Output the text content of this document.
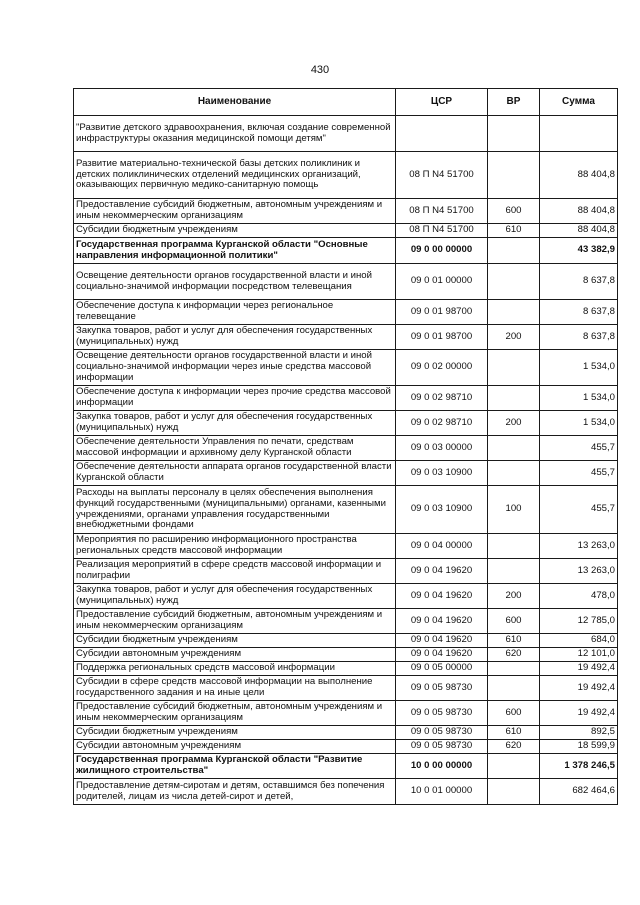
430
Наименование	ЦСР	ВР	Сумма
"Развитие детского здравоохранения, включая создание современной инфраструктуры оказания медицинской помощи детям"			
Развитие материально-технической базы детских поликлиник и детских поликлинических отделений медицинских организаций, оказывающих первичную медико-санитарную помощь	08 П N4 51700		88 404,8
Предоставление субсидий бюджетным, автономным учреждениям и иным некоммерческим организациям	08 П N4 51700	600	88 404,8
Субсидии бюджетным учреждениям	08 П N4 51700	610	88 404,8
Государственная программа Курганской области "Основные направления информационной политики"	09 0 00 00000		43 382,9
Освещение деятельности органов государственной власти и иной социально-значимой информации посредством телевещания	09 0 01 00000		8 637,8
Обеспечение доступа к информации через региональное телевещание	09 0 01 98700		8 637,8
Закупка товаров, работ и услуг для обеспечения государственных (муниципальных) нужд	09 0 01 98700	200	8 637,8
Освещение деятельности органов государственной власти и иной социально-значимой информации через иные средства массовой информации	09 0 02 00000		1 534,0
Обеспечение доступа к информации через прочие средства массовой информации	09 0 02 98710		1 534,0
Закупка товаров, работ и услуг для обеспечения государственных (муниципальных) нужд	09 0 02 98710	200	1 534,0
Обеспечение деятельности Управления по печати, средствам массовой информации и архивному делу Курганской области	09 0 03 00000		455,7
Обеспечение деятельности аппарата органов государственной власти Курганской области	09 0 03 10900		455,7
Расходы на выплаты персоналу в целях обеспечения выполнения функций государственными (муниципальными) органами, казенными учреждениями, органами управления государственными внебюджетными фондами	09 0 03 10900	100	455,7
Мероприятия по расширению информационного пространства региональных средств массовой информации	09 0 04 00000		13 263,0
Реализация мероприятий в сфере средств массовой информации и полиграфии	09 0 04 19620		13 263,0
Закупка товаров, работ и услуг для обеспечения государственных (муниципальных) нужд	09 0 04 19620	200	478,0
Предоставление субсидий бюджетным, автономным учреждениям и иным некоммерческим организациям	09 0 04 19620	600	12 785,0
Субсидии бюджетным учреждениям	09 0 04 19620	610	684,0
Субсидии автономным учреждениям	09 0 04 19620	620	12 101,0
Поддержка региональных средств массовой информации	09 0 05 00000		19 492,4
Субсидии в сфере средств массовой информации на выполнение государственного задания и на иные цели	09 0 05 98730		19 492,4
Предоставление субсидий бюджетным, автономным учреждениям и иным некоммерческим организациям	09 0 05 98730	600	19 492,4
Субсидии бюджетным учреждениям	09 0 05 98730	610	892,5
Субсидии автономным учреждениям	09 0 05 98730	620	18 599,9
Государственная программа Курганской области "Развитие жилищного строительства"	10 0 00 00000		1 378 246,5
Предоставление детям-сиротам и детям, оставшимся без попечения родителей, лицам из числа детей-сирот и детей,	10 0 01 00000		682 464,6
